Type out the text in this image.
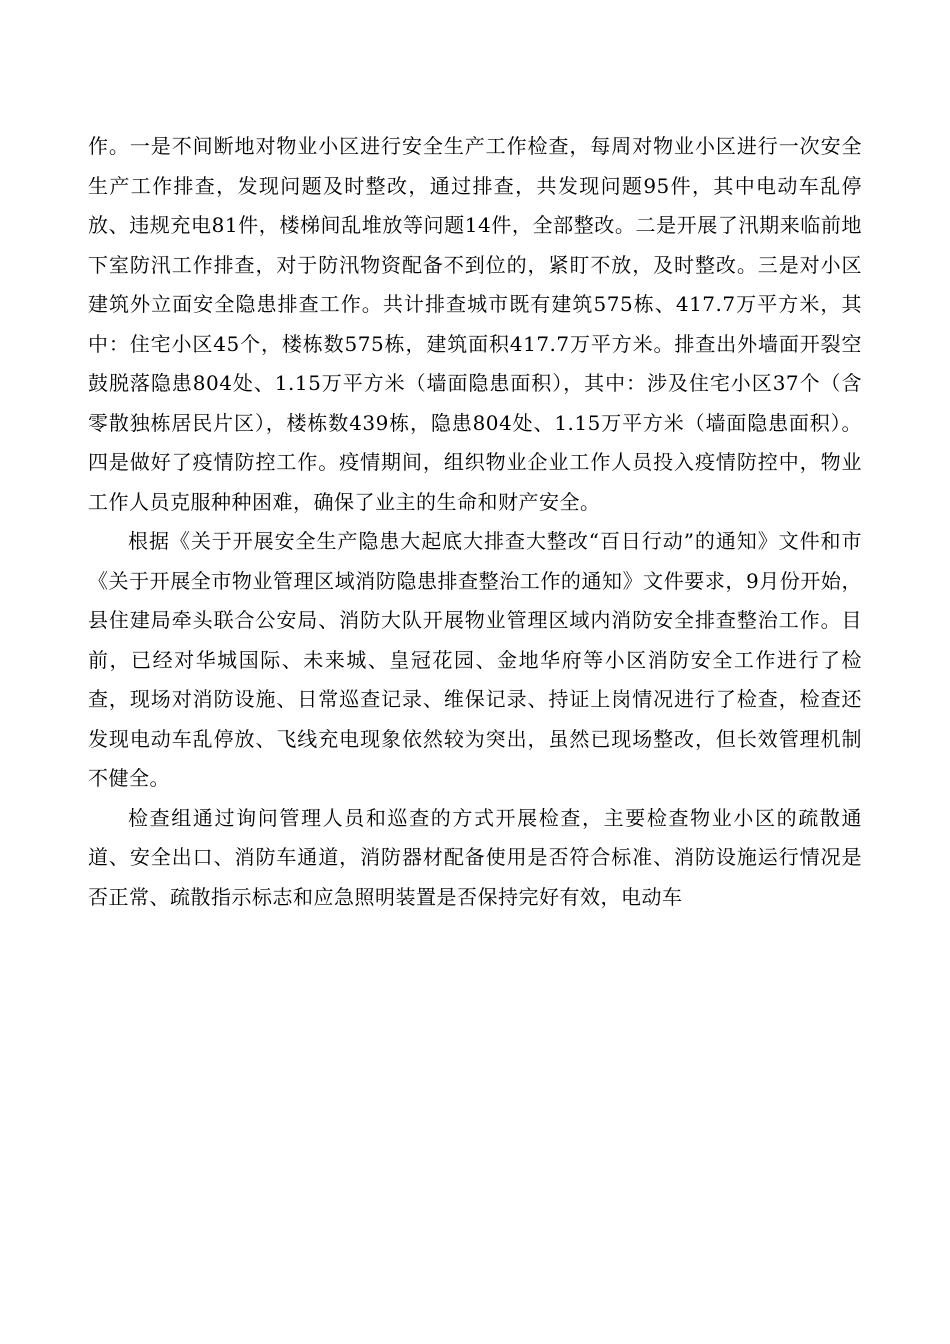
作。一是不间断地对物业小区进行安全生产工作检查，每周对物业小区进行一次安全生产工作排查，发现问题及时整改，通过排查，共发现问题95件，其中电动车乱停放、违规充电81件，楼梯间乱堆放等问题14件，全部整改。二是开展了汛期来临前地下室防汛工作排查，对于防汛物资配备不到位的，紧盯不放，及时整改。三是对小区建筑外立面安全隐患排查工作。共计排查城市既有建筑575栋、417.7万平方米，其中：住宅小区45个，楼栋数575栋，建筑面积417.7万平方米。排查出外墙面开裂空鼓脱落隐患804处、1.15万平方米（墙面隐患面积），其中：涉及住宅小区37个（含零散独栋居民片区），楼栋数439栋，隐患804处、1.15万平方米（墙面隐患面积）。四是做好了疫情防控工作。疫情期间，组织物业企业工作人员投入疫情防控中，物业工作人员克服种种困难，确保了业主的生命和财产安全。

根据《关于开展安全生产隐患大起底大排查大整改“百日行动”的通知》文件和市《关于开展全市物业管理区域消防隐患排查整治工作的通知》文件要求，9月份开始，县住建局牵头联合公安局、消防大队开展物业管理区域内消防安全排查整治工作。目前，已经对华城国际、未来城、皇冠花园、金地华府等小区消防安全工作进行了检查，现场对消防设施、日常巡查记录、维保记录、持证上岗情况进行了检查，检查还发现电动车乱停放、飞线充电现象依然较为突出，虽然已现场整改，但长效管理机制不健全。

检查组通过询问管理人员和巡查的方式开展检查，主要检查物业小区的疏散通道、安全出口、消防车通道，消防器材配备使用是否符合标准、消防设施运行情况是否正常、疏散指示标志和应急照明装置是否保持完好有效，电动车
